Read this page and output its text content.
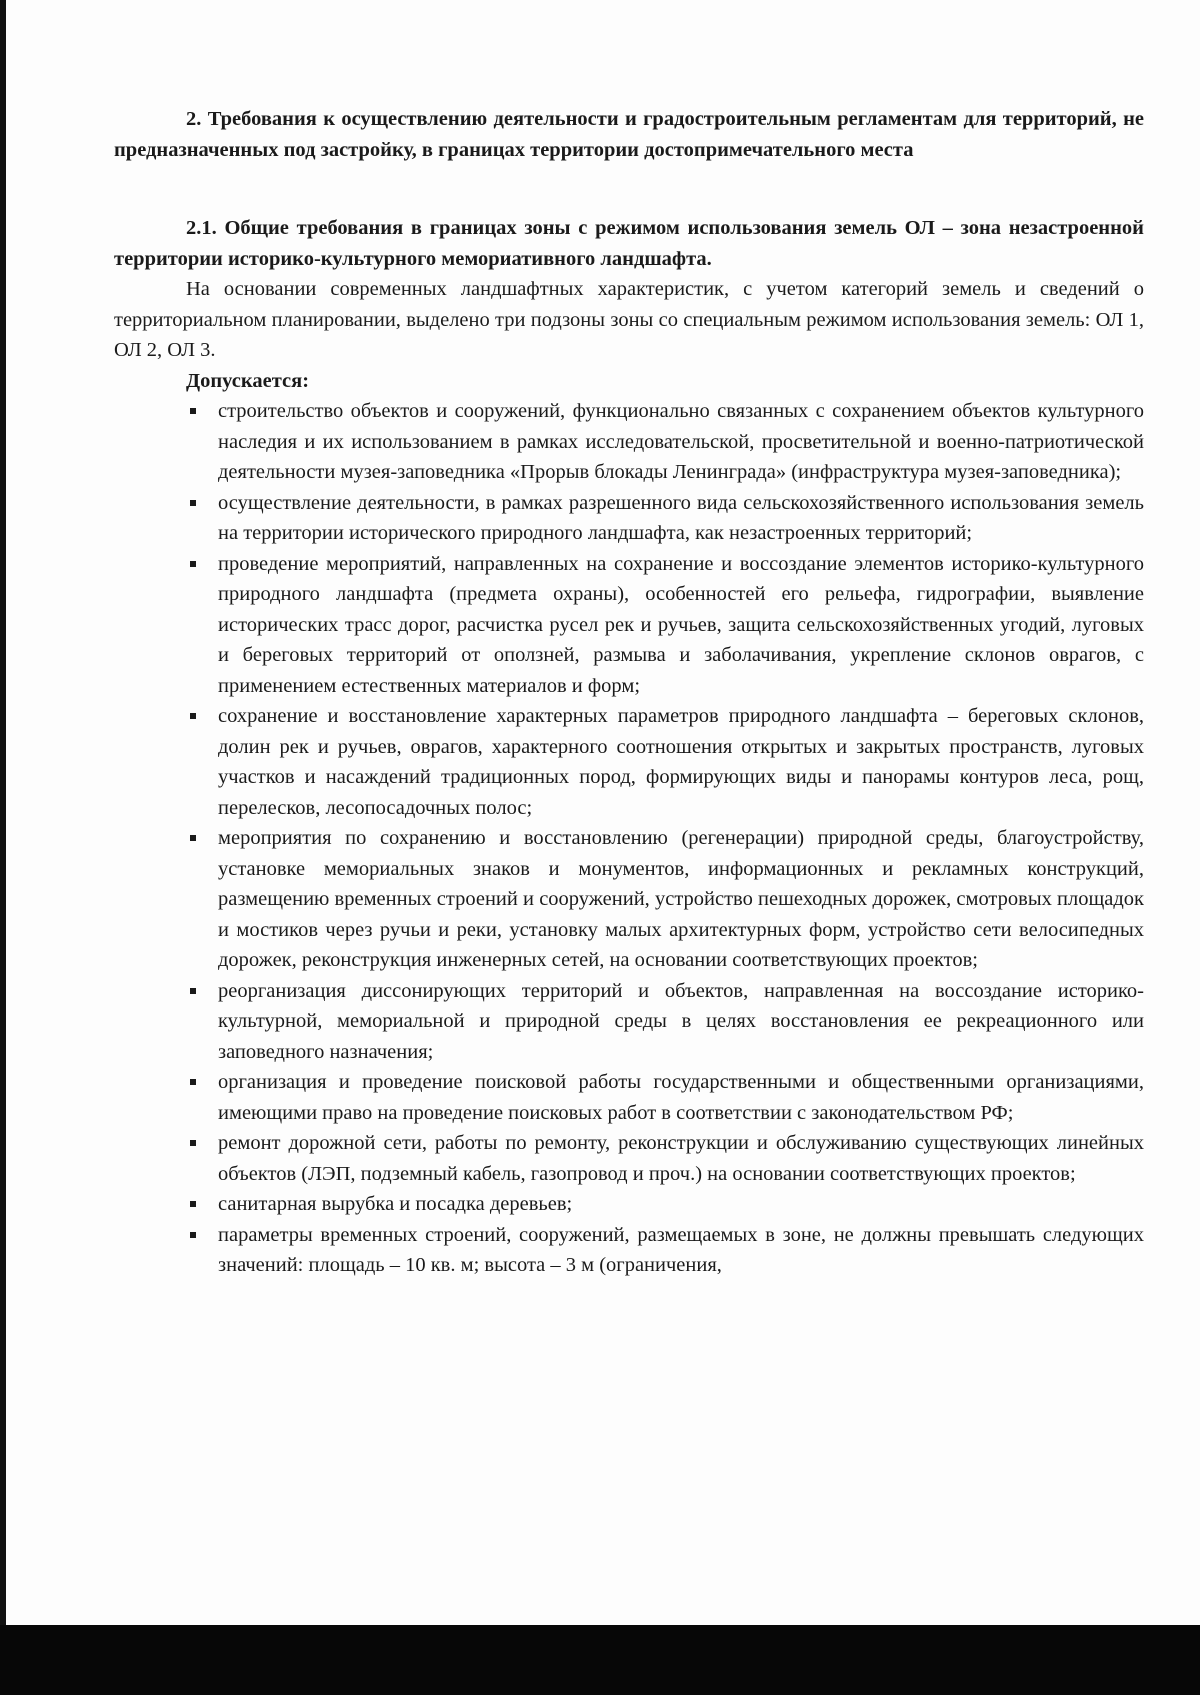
2. Требования к осуществлению деятельности и градостроительным регламентам для территорий, не предназначенных под застройку, в границах территории достопримечательного места

2.1. Общие требования в границах зоны с режимом использования земель ОЛ – зона незастроенной территории историко-культурного мемориативного ландшафта.

На основании современных ландшафтных характеристик, с учетом категорий земель и сведений о территориальном планировании, выделено три подзоны зоны со специальным режимом использования земель: ОЛ 1, ОЛ 2, ОЛ 3.

Допускается:

строительство объектов и сооружений, функционально связанных с сохранением объектов культурного наследия и их использованием в рамках исследовательской, просветительной и военно-патриотической деятельности музея-заповедника «Прорыв блокады Ленинграда» (инфраструктура музея-заповедника);
осуществление деятельности, в рамках разрешенного вида сельскохозяйственного использования земель на территории исторического природного ландшафта, как незастроенных территорий;
проведение мероприятий, направленных на сохранение и воссоздание элементов историко-культурного природного ландшафта (предмета охраны), особенностей его рельефа, гидрографии, выявление исторических трасс дорог, расчистка русел рек и ручьев, защита сельскохозяйственных угодий, луговых и береговых территорий от оползней, размыва и заболачивания, укрепление склонов оврагов, с применением естественных материалов и форм;
сохранение и восстановление характерных параметров природного ландшафта – береговых склонов, долин рек и ручьев, оврагов, характерного соотношения открытых и закрытых пространств, луговых участков и насаждений традиционных пород, формирующих виды и панорамы контуров леса, рощ, перелесков, лесопосадочных полос;
мероприятия по сохранению и восстановлению (регенерации) природной среды, благоустройству, установке мемориальных знаков и монументов, информационных и рекламных конструкций, размещению временных строений и сооружений, устройство пешеходных дорожек, смотровых площадок и мостиков через ручьи и реки, установку малых архитектурных форм, устройство сети велосипедных дорожек, реконструкция инженерных сетей, на основании соответствующих проектов;
реорганизация диссонирующих территорий и объектов, направленная на воссоздание историко-культурной, мемориальной и природной среды в целях восстановления ее рекреационного или заповедного назначения;
организация и проведение поисковой работы государственными и общественными организациями, имеющими право на проведение поисковых работ в соответствии с законодательством РФ;
ремонт дорожной сети, работы по ремонту, реконструкции и обслуживанию существующих линейных объектов (ЛЭП, подземный кабель, газопровод и проч.) на основании соответствующих проектов;
санитарная вырубка и посадка деревьев;
параметры временных строений, сооружений, размещаемых в зоне, не должны превышать следующих значений: площадь – 10 кв. м; высота – 3 м (ограничения,
